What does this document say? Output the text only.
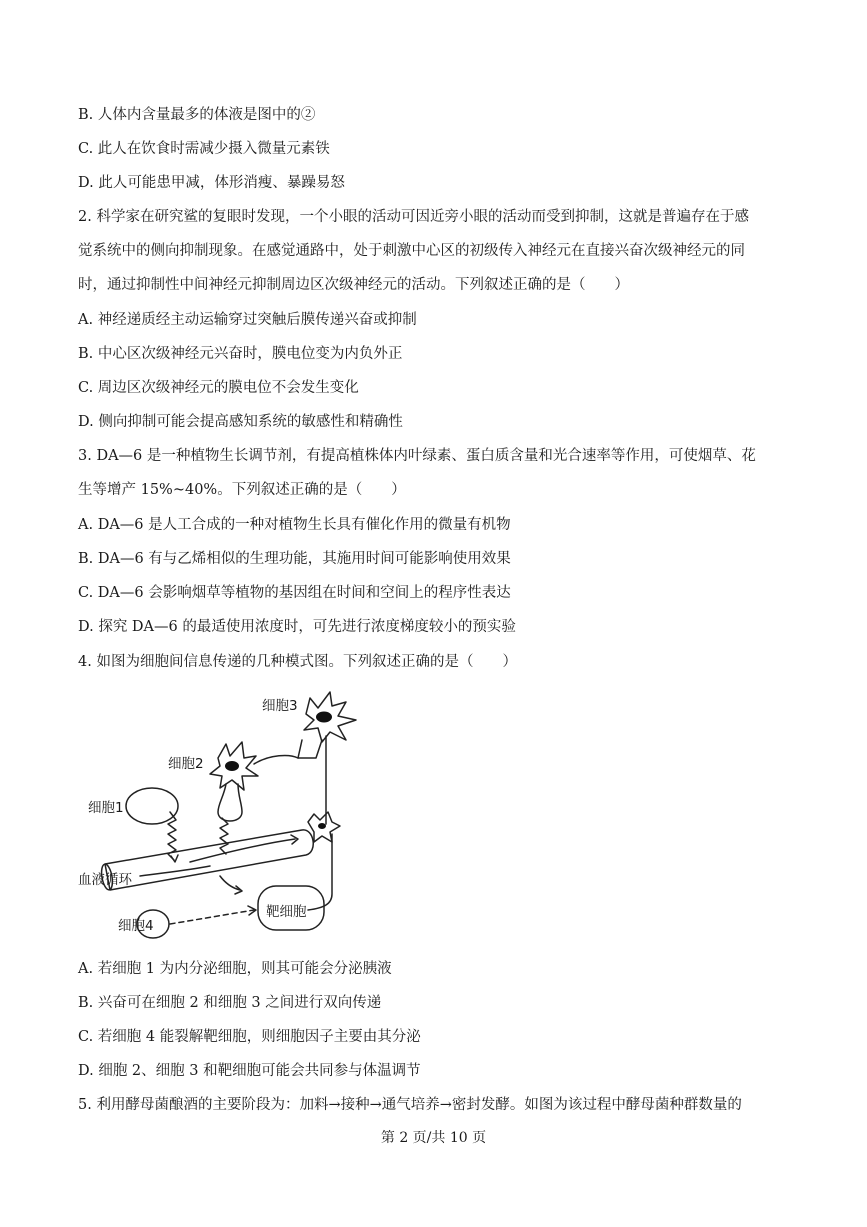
B. 人体内含量最多的体液是图中的②
C. 此人在饮食时需减少摄入微量元素铁
D. 此人可能患甲减，体形消瘦、暴躁易怒
2. 科学家在研究鲨的复眼时发现，一个小眼的活动可因近旁小眼的活动而受到抑制，这就是普遍存在于感
觉系统中的侧向抑制现象。在感觉通路中，处于刺激中心区的初级传入神经元在直接兴奋次级神经元的同
时，通过抑制性中间神经元抑制周边区次级神经元的活动。下列叙述正确的是（　　）
A. 神经递质经主动运输穿过突触后膜传递兴奋或抑制
B. 中心区次级神经元兴奋时，膜电位变为内负外正
C. 周边区次级神经元的膜电位不会发生变化
D. 侧向抑制可能会提高感知系统的敏感性和精确性
3. DA—6 是一种植物生长调节剂，有提高植株体内叶绿素、蛋白质含量和光合速率等作用，可使烟草、花
生等增产 15%~40%。下列叙述正确的是（　　）
A. DA—6 是人工合成的一种对植物生长具有催化作用的微量有机物
B. DA—6 有与乙烯相似的生理功能，其施用时间可能影响使用效果
C. DA—6 会影响烟草等植物的基因组在时间和空间上的程序性表达
D. 探究 DA—6 的最适使用浓度时，可先进行浓度梯度较小的预实验
4. 如图为细胞间信息传递的几种模式图。下列叙述正确的是（　　）
A. 若细胞 1 为内分泌细胞，则其可能会分泌胰液
B. 兴奋可在细胞 2 和细胞 3 之间进行双向传递
C. 若细胞 4 能裂解靶细胞，则细胞因子主要由其分泌
D. 细胞 2、细胞 3 和靶细胞可能会共同参与体温调节
5. 利用酵母菌酿酒的主要阶段为：加料→接种→通气培养→密封发酵。如图为该过程中酵母菌种群数量的
细胞3
细胞2
细胞1
血液循环
靶细胞
细胞4
第 2 页/共 10 页
